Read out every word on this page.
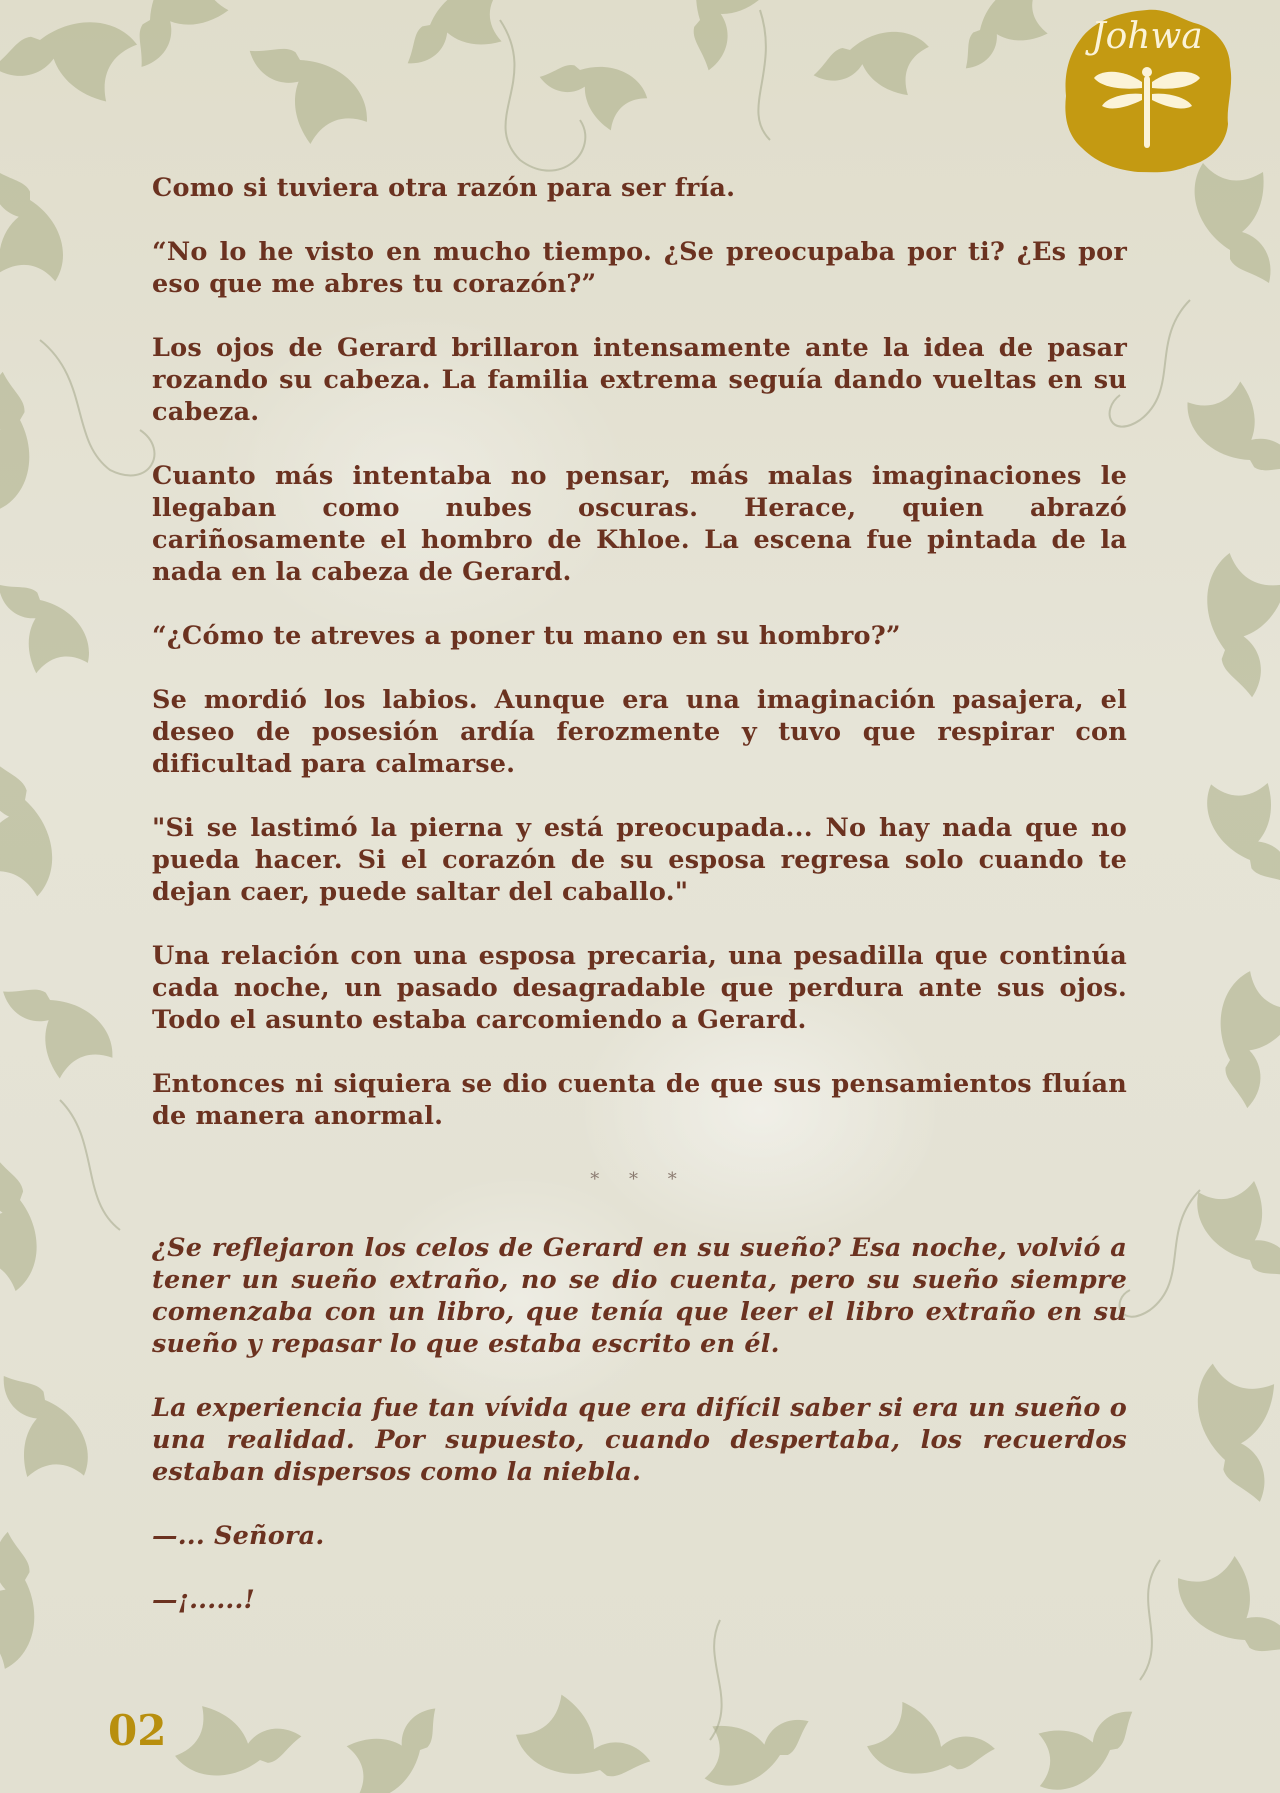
Johwa

Como si tuviera otra razón para ser fría.

“No lo he visto en mucho tiempo. ¿Se preocupaba por ti? ¿Es por eso que me abres tu corazón?”

Los ojos de Gerard brillaron intensamente ante la idea de pasar rozando su cabeza. La familia extrema seguía dando vueltas en su cabeza.

Cuanto más intentaba no pensar, más malas imaginaciones le llegaban como nubes oscuras. Herace, quien abrazó cariñosamente el hombro de Khloe. La escena fue pintada de la nada en la cabeza de Gerard.

“¿Cómo te atreves a poner tu mano en su hombro?”

Se mordió los labios. Aunque era una imaginación pasajera, el deseo de posesión ardía ferozmente y tuvo que respirar con dificultad para calmarse.

"Si se lastimó la pierna y está preocupada... No hay nada que no pueda hacer. Si el corazón de su esposa regresa solo cuando te dejan caer, puede saltar del caballo."

Una relación con una esposa precaria, una pesadilla que continúa cada noche, un pasado desagradable que perdura ante sus ojos. Todo el asunto estaba carcomiendo a Gerard.

Entonces ni siquiera se dio cuenta de que sus pensamientos fluían de manera anormal.

* * *

¿Se reflejaron los celos de Gerard en su sueño? Esa noche, volvió a tener un sueño extraño, no se dio cuenta, pero su sueño siempre comenzaba con un libro, que tenía que leer el libro extraño en su sueño y repasar lo que estaba escrito en él.

La experiencia fue tan vívida que era difícil saber si era un sueño o una realidad. Por supuesto, cuando despertaba, los recuerdos estaban dispersos como la niebla.

—... Señora.

—¡......!

02
